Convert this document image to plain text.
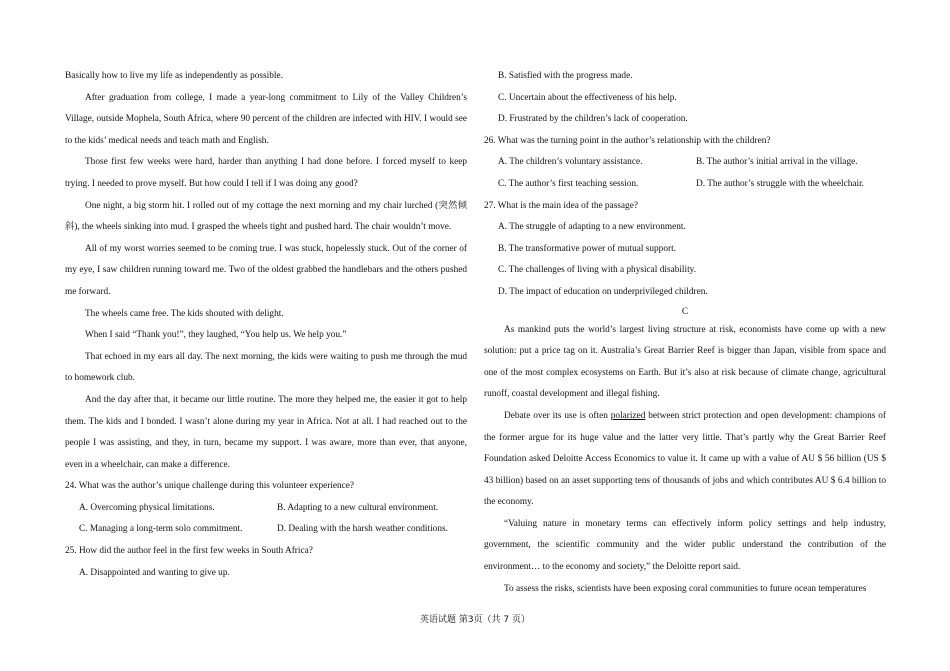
Basically how to live my life as independently as possible.

After graduation from college, I made a year-long commitment to Lily of the Valley Children’s Village, outside Mophela, South Africa, where 90 percent of the children are infected with HIV. I would see to the kids’ medical needs and teach math and English.

Those first few weeks were hard, harder than anything I had done before. I forced myself to keep trying. I needed to prove myself. But how could I tell if I was doing any good?

One night, a big storm hit. I rolled out of my cottage the next morning and my chair lurched (突然倾斜), the wheels sinking into mud. I grasped the wheels tight and pushed hard. The chair wouldn’t move.

All of my worst worries seemed to be coming true. I was stuck, hopelessly stuck. Out of the corner of my eye, I saw children running toward me. Two of the oldest grabbed the handlebars and the others pushed me forward.

The wheels came free. The kids shouted with delight.

When I said “Thank you!”, they laughed, “You help us. We help you.”

That echoed in my ears all day. The next morning, the kids were waiting to push me through the mud to homework club.

And the day after that, it became our little routine. The more they helped me, the easier it got to help them. The kids and I bonded. I wasn’t alone during my year in Africa. Not at all. I had reached out to the people I was assisting, and they, in turn, became my support. I was aware, more than ever, that anyone, even in a wheelchair, can make a difference.

24. What was the author’s unique challenge during this volunteer experience?

A. Overcoming physical limitations.	B. Adapting to a new cultural environment.
C. Managing a long-term solo commitment.	D. Dealing with the harsh weather conditions.

25. How did the author feel in the first few weeks in South Africa?

A. Disappointed and wanting to give up.

B. Satisfied with the progress made.

C. Uncertain about the effectiveness of his help.

D. Frustrated by the children’s lack of cooperation.

26. What was the turning point in the author’s relationship with the children?

A. The children’s voluntary assistance.	B. The author’s initial arrival in the village.
C. The author’s first teaching session.	D. The author’s struggle with the wheelchair.

27. What is the main idea of the passage?

A. The struggle of adapting to a new environment.

B. The transformative power of mutual support.

C. The challenges of living with a physical disability.

D. The impact of education on underprivileged children.

C

As mankind puts the world’s largest living structure at risk, economists have come up with a new solution: put a price tag on it. Australia’s Great Barrier Reef is bigger than Japan, visible from space and one of the most complex ecosystems on Earth. But it’s also at risk because of climate change, agricultural runoff, coastal development and illegal fishing.

Debate over its use is often polarized between strict protection and open development: champions of the former argue for its huge value and the latter very little. That’s partly why the Great Barrier Reef Foundation asked Deloitte Access Economics to value it. It came up with a value of AU $ 56 billion (US $ 43 billion) based on an asset supporting tens of thousands of jobs and which contributes AU $ 6.4 billion to the economy.

“Valuing nature in monetary terms can effectively inform policy settings and help industry, government, the scientific community and the wider public understand the contribution of the environment… to the economy and society,” the Deloitte report said.

To assess the risks, scientists have been exposing coral communities to future ocean temperatures

英语试题 第3页（共 7 页）
